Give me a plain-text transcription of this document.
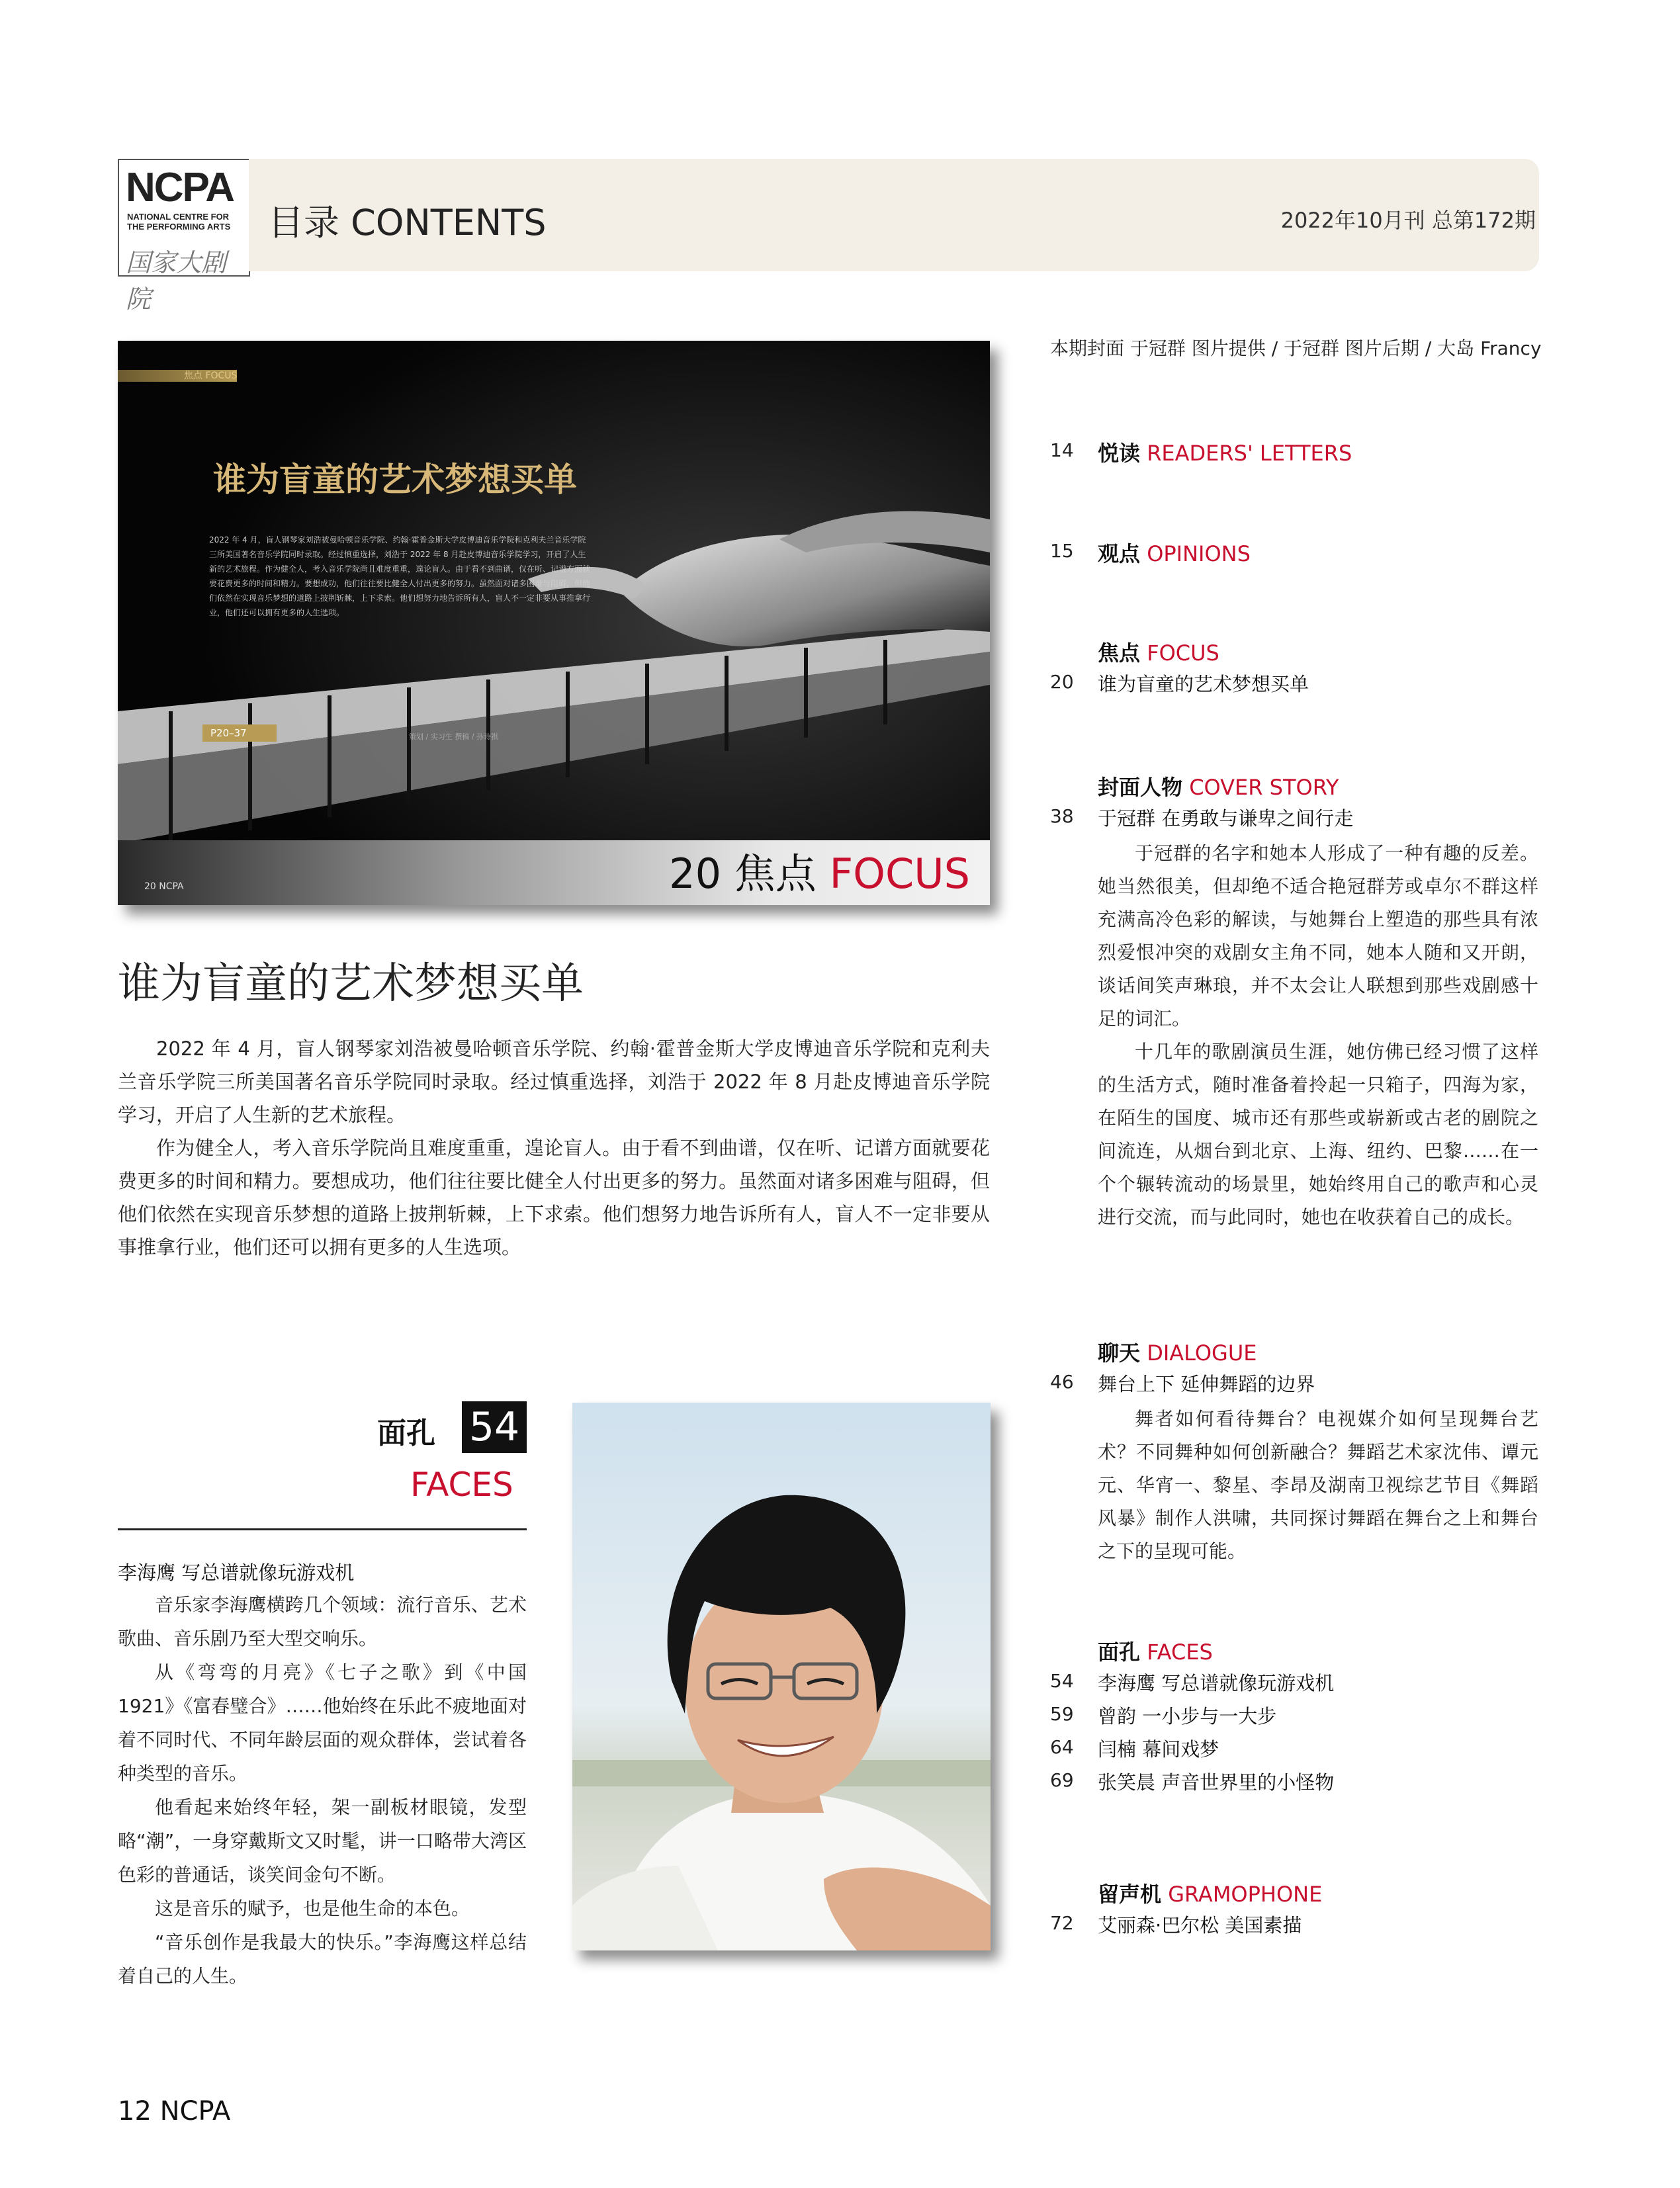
NCPA
NATIONAL CENTRE FOR THE PERFORMING ARTS
国家大剧院
目录 CONTENTS	2022年10月刊 总第172期
焦点 FOCUS
谁为盲童的艺术梦想买单
2022 年 4 月，盲人钢琴家刘浩被曼哈顿音乐学院、约翰·霍普金斯大学皮博迪音乐学院和克利夫兰音乐学院三所美国著名音乐学院同时录取。经过慎重选择，刘浩于 2022 年 8 月赴皮博迪音乐学院学习，开启了人生新的艺术旅程。作为健全人，考入音乐学院尚且难度重重，遑论盲人。由于看不到曲谱，仅在听、记谱方面就要花费更多的时间和精力。要想成功，他们往往要比健全人付出更多的努力。虽然面对诸多困难与阻碍，但他们依然在实现音乐梦想的道路上披荆斩棘，上下求索。他们想努力地告诉所有人，盲人不一定非要从事推拿行业，他们还可以拥有更多的人生选项。
P20–37	策划 / 实习生 撰稿 / 孙诗祺
20 NCPA	20 焦点 FOCUS
谁为盲童的艺术梦想买单

2022 年 4 月，盲人钢琴家刘浩被曼哈顿音乐学院、约翰·霍普金斯大学皮博迪音乐学院和克利夫兰音乐学院三所美国著名音乐学院同时录取。经过慎重选择，刘浩于 2022 年 8 月赴皮博迪音乐学院学习，开启了人生新的艺术旅程。

作为健全人，考入音乐学院尚且难度重重，遑论盲人。由于看不到曲谱，仅在听、记谱方面就要花费更多的时间和精力。要想成功，他们往往要比健全人付出更多的努力。虽然面对诸多困难与阻碍，但他们依然在实现音乐梦想的道路上披荆斩棘，上下求索。他们想努力地告诉所有人，盲人不一定非要从事推拿行业，他们还可以拥有更多的人生选项。

本期封面 于冠群 图片提供 / 于冠群 图片后期 / 大岛 Francy
14	悦读 READERS' LETTERS
15	观点 OPINIONS
焦点 FOCUS
20	谁为盲童的艺术梦想买单
封面人物 COVER STORY
38	于冠群 在勇敢与谦卑之间行走

于冠群的名字和她本人形成了一种有趣的反差。她当然很美，但却绝不适合艳冠群芳或卓尔不群这样充满高冷色彩的解读，与她舞台上塑造的那些具有浓烈爱恨冲突的戏剧女主角不同，她本人随和又开朗，谈话间笑声琳琅，并不太会让人联想到那些戏剧感十足的词汇。

十几年的歌剧演员生涯，她仿佛已经习惯了这样的生活方式，随时准备着拎起一只箱子，四海为家，在陌生的国度、城市还有那些或崭新或古老的剧院之间流连，从烟台到北京、上海、纽约、巴黎……在一个个辗转流动的场景里，她始终用自己的歌声和心灵进行交流，而与此同时，她也在收获着自己的成长。

聊天 DIALOGUE
46	舞台上下 延伸舞蹈的边界

舞者如何看待舞台？电视媒介如何呈现舞台艺术？不同舞种如何创新融合？舞蹈艺术家沈伟、谭元元、华宵一、黎星、李昂及湖南卫视综艺节目《舞蹈风暴》制作人洪啸，共同探讨舞蹈在舞台之上和舞台之下的呈现可能。

面孔 FACES
54	李海鹰 写总谱就像玩游戏机
59	曾韵 一小步与一大步
64	闫楠 幕间戏梦
69	张笑晨 声音世界里的小怪物
留声机 GRAMOPHONE
72	艾丽森·巴尔松 美国素描
面孔 54
FACES
李海鹰 写总谱就像玩游戏机

音乐家李海鹰横跨几个领域：流行音乐、艺术歌曲、音乐剧乃至大型交响乐。

从《弯弯的月亮》《七子之歌》到《中国1921》《富春璧合》……他始终在乐此不疲地面对着不同时代、不同年龄层面的观众群体，尝试着各种类型的音乐。

他看起来始终年轻，架一副板材眼镜，发型略“潮”，一身穿戴斯文又时髦，讲一口略带大湾区色彩的普通话，谈笑间金句不断。

这是音乐的赋予，也是他生命的本色。

“音乐创作是我最大的快乐。”李海鹰这样总结着自己的人生。

12 NCPA
